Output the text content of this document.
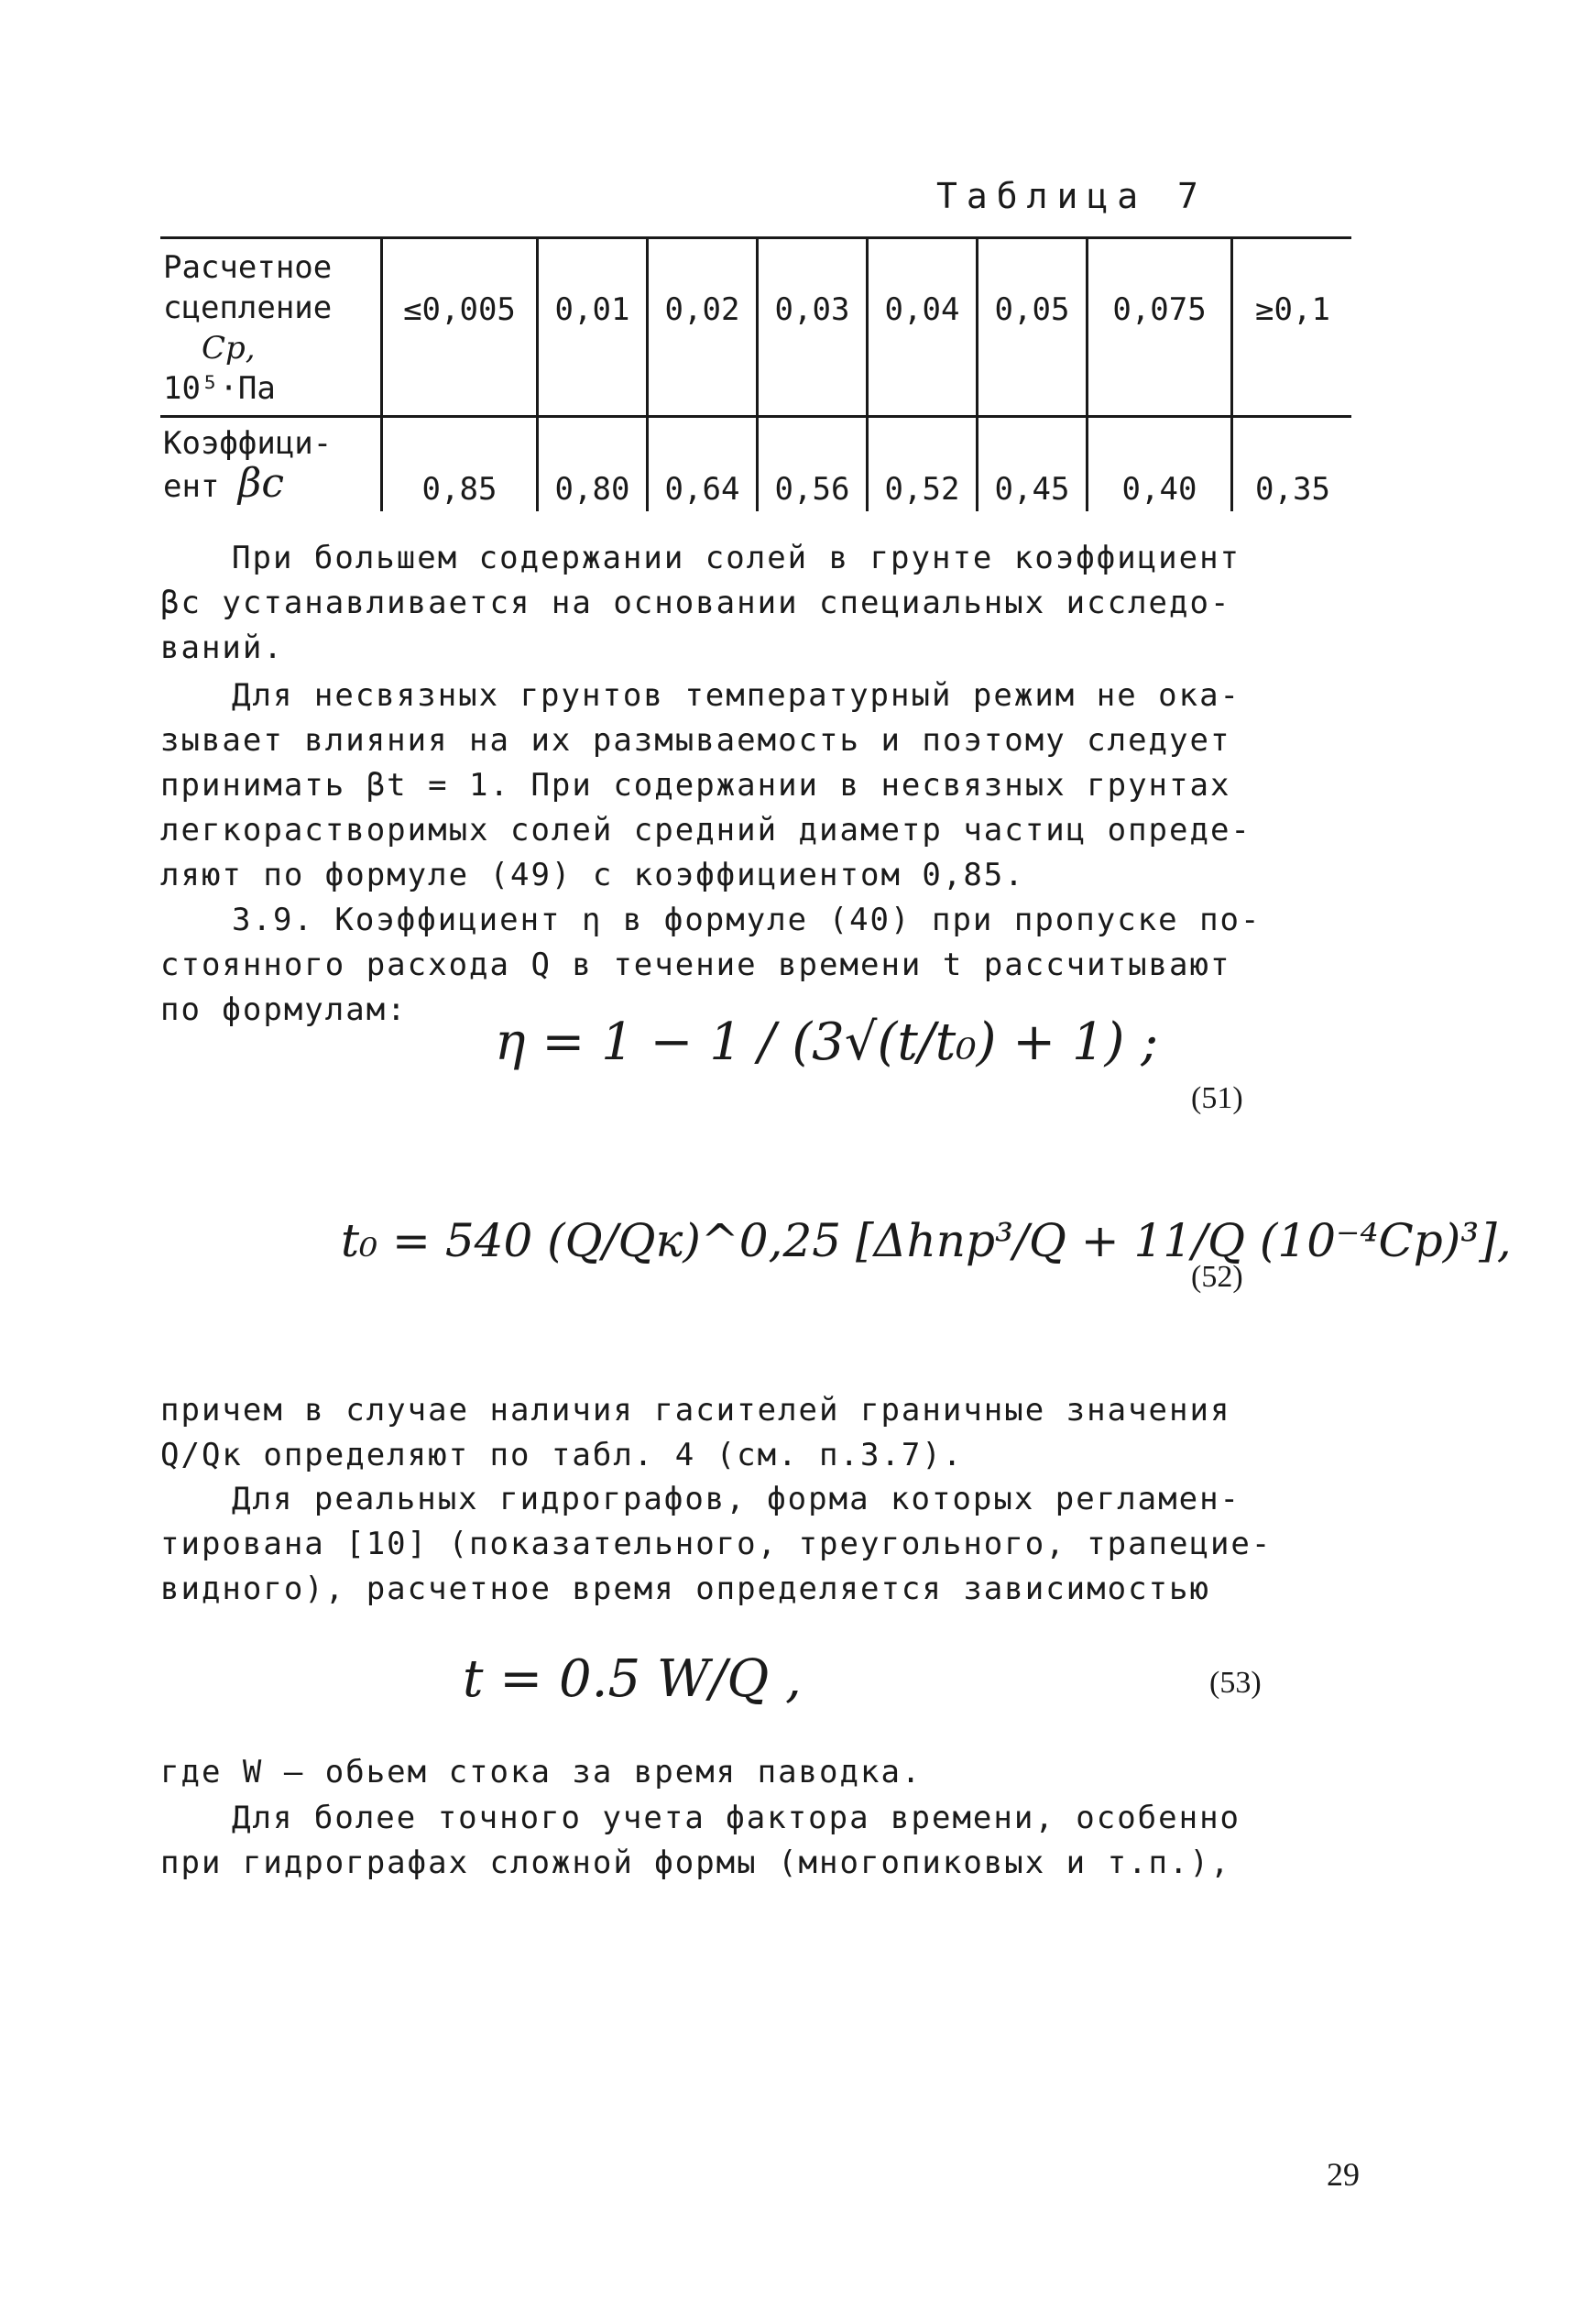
Таблица 7
Расчетное
сцепление
Cp,
10⁵·Па
≤0,005	0,01	0,02	0,03	0,04	0,05	0,075	≥0,1
Коэффици-
ент βc	0,85	0,80	0,64	0,56	0,52	0,45	0,40	0,35
При большем содержании солей в грунте коэффициент
βc устанавливается на основании специальных исследо-
ваний.
Для несвязных грунтов температурный режим не ока-
зывает влияния на их размываемость и поэтому следует
принимать βt = 1. При содержании в несвязных грунтах
легкорастворимых солей средний диаметр частиц опреде-
ляют по формуле (49) с коэффициентом 0,85.
3.9. Коэффициент η в формуле (40) при пропуске по-
стоянного расхода Q в течение времени t рассчитывают
по формулам:
η = 1 − 1 / (3√(t/t₀) + 1) ;
(51)
t₀ = 540 (Q/Qк)^0,25 [Δhпр³/Q + 11/Q (10⁻⁴Cp)³],
(52)
причем в случае наличия гасителей граничные значения
Q/Qк определяют по табл. 4 (см. п.3.7).
Для реальных гидрографов, форма которых регламен-
тирована [10] (показательного, треугольного, трапецие-
видного), расчетное время определяется зависимостью
t = 0.5 W/Q ,	(53)
где W – обьем стока за время паводка.
Для более точного учета фактора времени, особенно
при гидрографах сложной формы (многопиковых и т.п.),
29
